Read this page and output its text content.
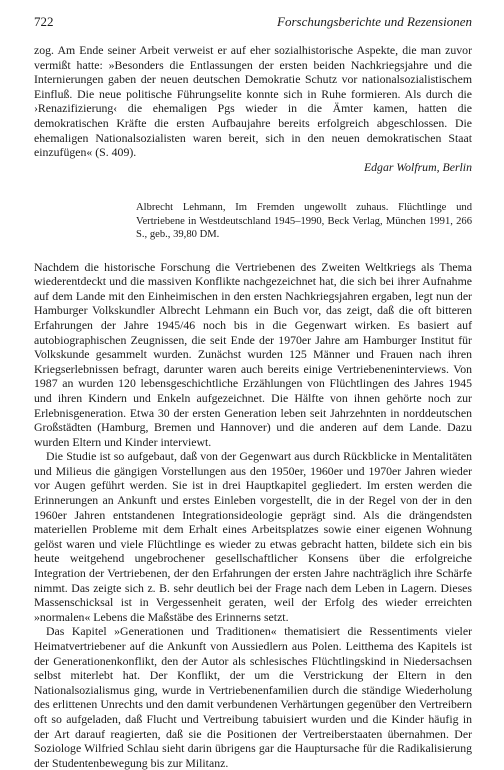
722	Forschungsberichte und Rezensionen

zog. Am Ende seiner Arbeit verweist er auf eher sozialhistorische Aspekte, die man zuvor vermißt hatte: »Besonders die Entlassungen der ersten beiden Nachkriegsjahre und die Internierungen gaben der neuen deutschen Demokratie Schutz vor nationalsozialistischem Einfluß. Die neue politische Führungselite konnte sich in Ruhe formieren. Als durch die ›Renazifizierung‹ die ehemaligen Pgs wieder in die Ämter kamen, hatten die demokratischen Kräfte die ersten Aufbaujahre bereits erfolgreich abgeschlossen. Die ehemaligen Nationalsozialisten waren bereit, sich in den neuen demokratischen Staat einzufügen« (S. 409).

Edgar Wolfrum, Berlin

Albrecht Lehmann, Im Fremden ungewollt zuhaus. Flüchtlinge und Vertriebene in Westdeutschland 1945–1990, Beck Verlag, München 1991, 266 S., geb., 39,80 DM.

Nachdem die historische Forschung die Vertriebenen des Zweiten Weltkriegs als Thema wiederentdeckt und die massiven Konflikte nachgezeichnet hat, die sich bei ihrer Aufnahme auf dem Lande mit den Einheimischen in den ersten Nachkriegsjahren ergaben, legt nun der Hamburger Volkskundler Albrecht Lehmann ein Buch vor, das zeigt, daß die oft bitteren Erfahrungen der Jahre 1945/46 noch bis in die Gegenwart wirken. Es basiert auf autobiographischen Zeugnissen, die seit Ende der 1970er Jahre am Hamburger Institut für Volkskunde gesammelt wurden. Zunächst wurden 125 Männer und Frauen nach ihren Kriegserlebnissen befragt, darunter waren auch bereits einige Vertriebeneninterviews. Von 1987 an wurden 120 lebensgeschichtliche Erzählungen von Flüchtlingen des Jahres 1945 und ihren Kindern und Enkeln aufgezeichnet. Die Hälfte von ihnen gehörte noch zur Erlebnisgeneration. Etwa 30 der ersten Generation leben seit Jahrzehnten in norddeutschen Großstädten (Hamburg, Bremen und Hannover) und die anderen auf dem Lande. Dazu wurden Eltern und Kinder interviewt.

Die Studie ist so aufgebaut, daß von der Gegenwart aus durch Rückblicke in Mentalitäten und Milieus die gängigen Vorstellungen aus den 1950er, 1960er und 1970er Jahren wieder vor Augen geführt werden. Sie ist in drei Hauptkapitel gegliedert. Im ersten werden die Erinnerungen an Ankunft und erstes Einleben vorgestellt, die in der Regel von der in den 1960er Jahren entstandenen Integrationsideologie geprägt sind. Als die drängendsten materiellen Probleme mit dem Erhalt eines Arbeitsplatzes sowie einer eigenen Wohnung gelöst waren und viele Flüchtlinge es wieder zu etwas gebracht hatten, bildete sich ein bis heute weitgehend ungebrochener gesellschaftlicher Konsens über die erfolgreiche Integration der Vertriebenen, der den Erfahrungen der ersten Jahre nachträglich ihre Schärfe nimmt. Das zeigte sich z. B. sehr deutlich bei der Frage nach dem Leben in Lagern. Dieses Massenschicksal ist in Vergessenheit geraten, weil der Erfolg des wieder erreichten »normalen« Lebens die Maßstäbe des Erinnerns setzt.

Das Kapitel »Generationen und Traditionen« thematisiert die Ressentiments vieler Heimatvertriebener auf die Ankunft von Aussiedlern aus Polen. Leitthema des Kapitels ist der Generationenkonflikt, den der Autor als schlesisches Flüchtlingskind in Niedersachsen selbst miterlebt hat. Der Konflikt, der um die Verstrickung der Eltern in den Nationalsozialismus ging, wurde in Vertriebenenfamilien durch die ständige Wiederholung des erlittenen Unrechts und den damit verbundenen Verhärtungen gegenüber den Vertreibern oft so aufgeladen, daß Flucht und Vertreibung tabuisiert wurden und die Kinder häufig in der Art darauf reagierten, daß sie die Positionen der Vertreiberstaaten übernahmen. Der Soziologe Wilfried Schlau sieht darin übrigens gar die Hauptursache für die Radikalisierung der Studentenbewegung bis zur Militanz.
